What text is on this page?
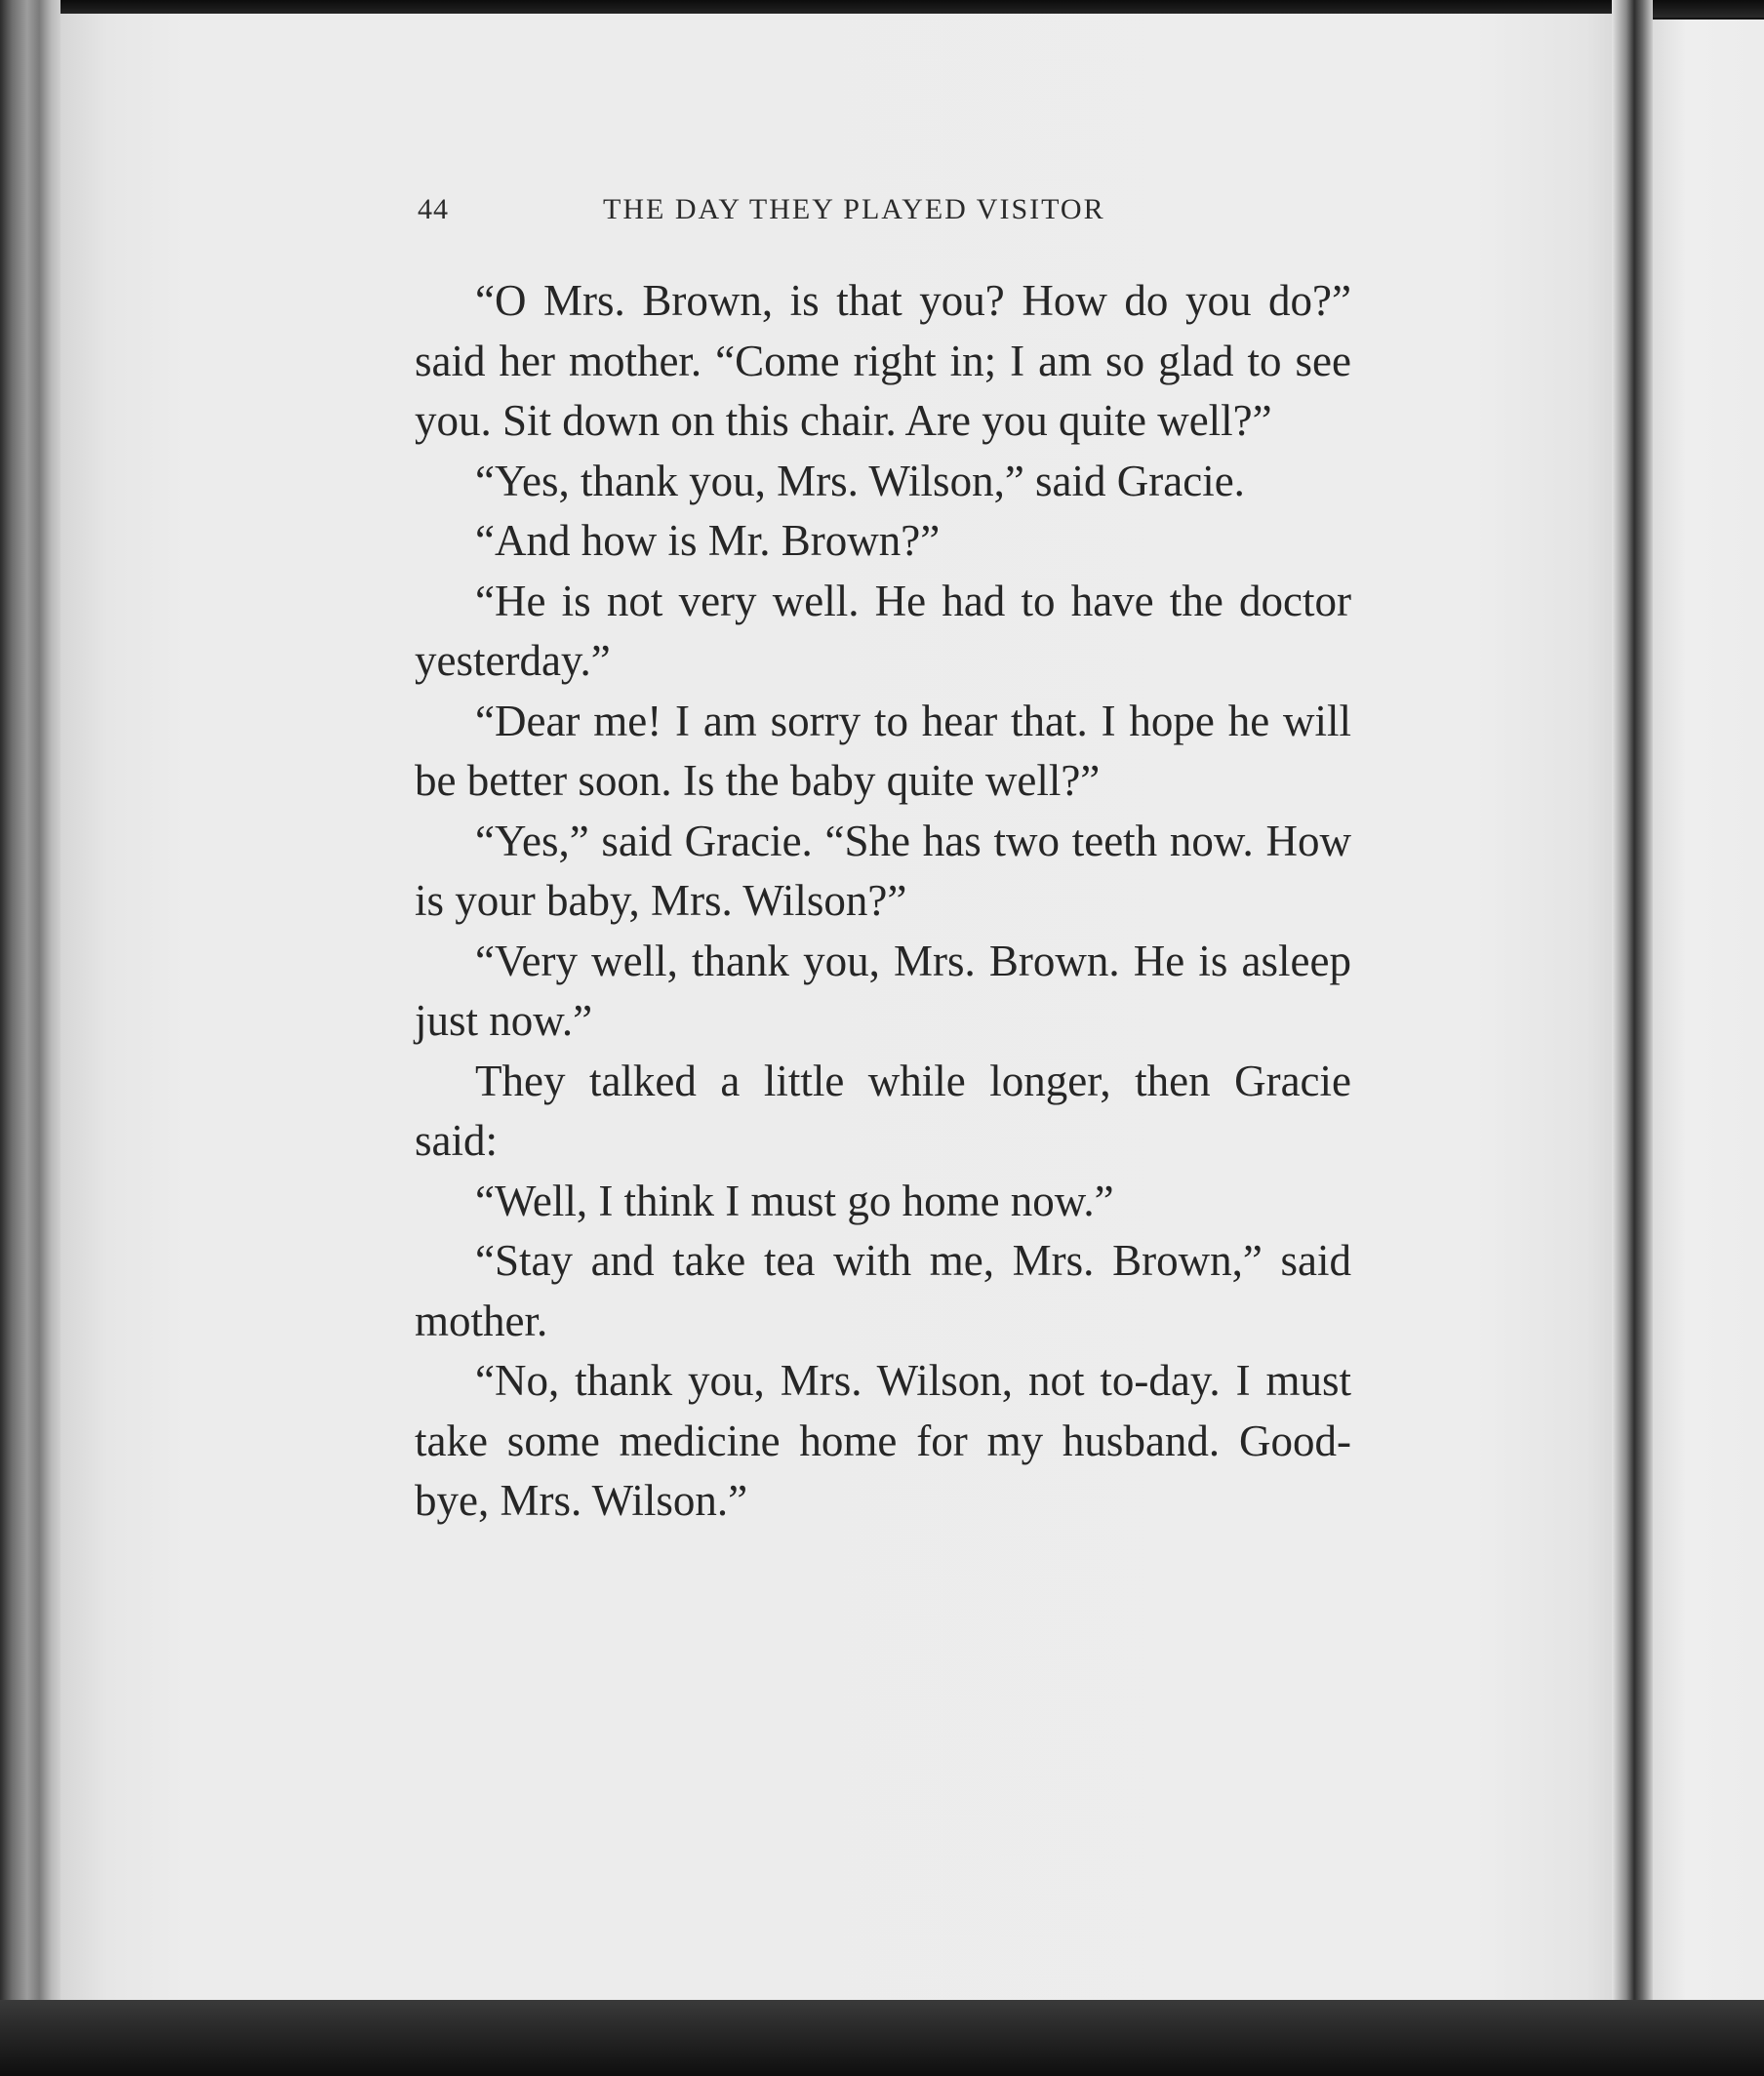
44	THE DAY THEY PLAYED VISITOR

“O Mrs. Brown, is that you? How do you do?” said her mother. “Come right in; I am so glad to see you. Sit down on this chair. Are you quite well?”

“Yes, thank you, Mrs. Wilson,” said Gracie.

“And how is Mr. Brown?”

“He is not very well. He had to have the doctor yesterday.”

“Dear me! I am sorry to hear that. I hope he will be better soon. Is the baby quite well?”

“Yes,” said Gracie. “She has two teeth now. How is your baby, Mrs. Wilson?”

“Very well, thank you, Mrs. Brown. He is asleep just now.”

They talked a little while longer, then Gracie said:

“Well, I think I must go home now.”

“Stay and take tea with me, Mrs. Brown,” said mother.

“No, thank you, Mrs. Wilson, not to-day. I must take some medicine home for my husband. Good-bye, Mrs. Wilson.”
